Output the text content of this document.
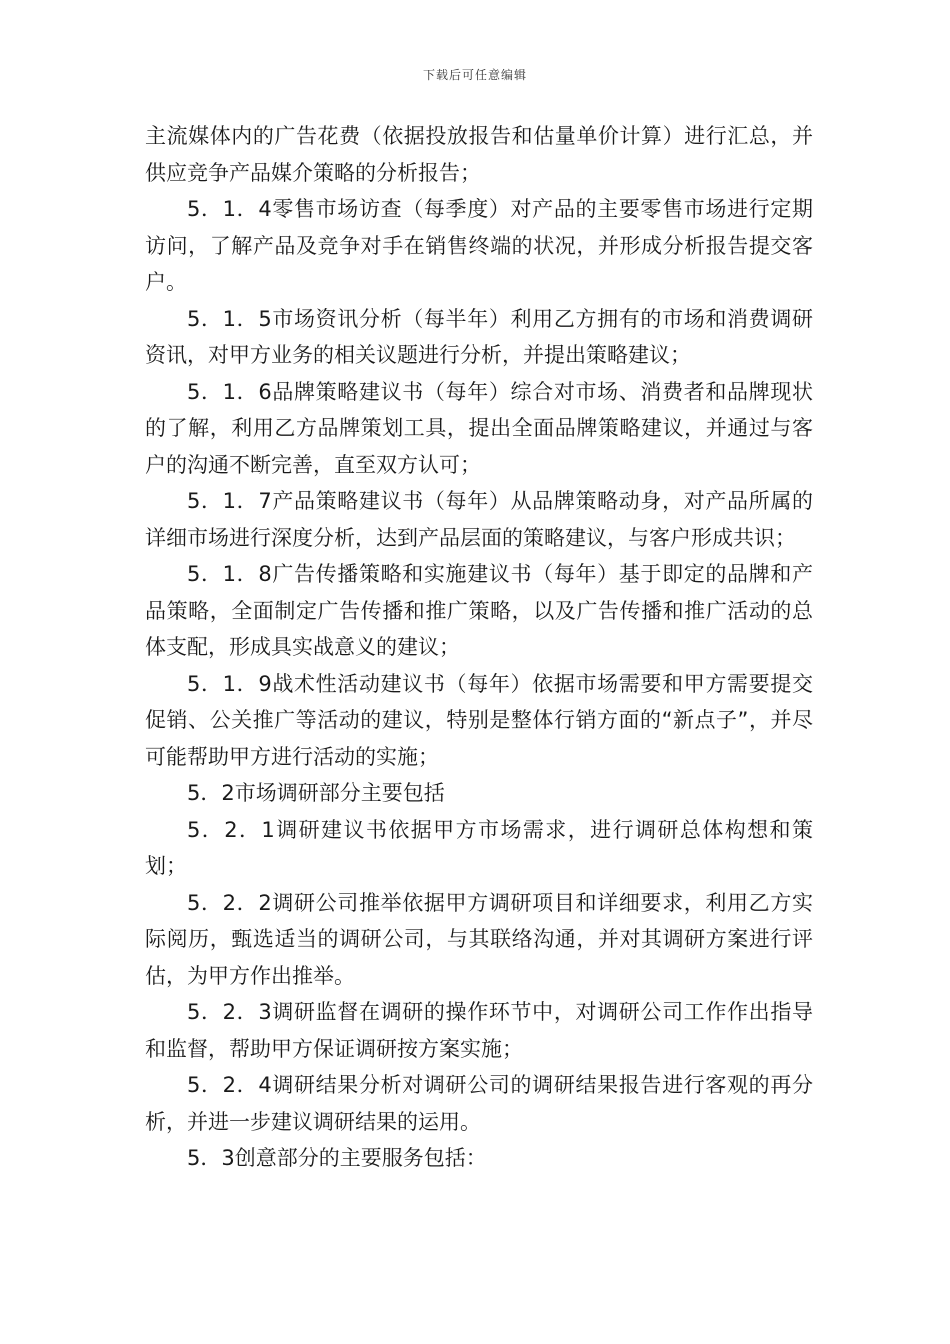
下载后可任意编辑

主流媒体内的广告花费（依据投放报告和估量单价计算）进行汇总，并供应竞争产品媒介策略的分析报告；

5．1．4零售市场访查（每季度）对产品的主要零售市场进行定期访问，了解产品及竞争对手在销售终端的状况，并形成分析报告提交客户。

5．1．5市场资讯分析（每半年）利用乙方拥有的市场和消费调研资讯，对甲方业务的相关议题进行分析，并提出策略建议；

5．1．6品牌策略建议书（每年）综合对市场、消费者和品牌现状的了解，利用乙方品牌策划工具，提出全面品牌策略建议，并通过与客户的沟通不断完善，直至双方认可；

5．1．7产品策略建议书（每年）从品牌策略动身，对产品所属的详细市场进行深度分析，达到产品层面的策略建议，与客户形成共识；

5．1．8广告传播策略和实施建议书（每年）基于即定的品牌和产品策略，全面制定广告传播和推广策略，以及广告传播和推广活动的总体支配，形成具实战意义的建议；

5．1．9战术性活动建议书（每年）依据市场需要和甲方需要提交促销、公关推广等活动的建议，特别是整体行销方面的“新点子”，并尽可能帮助甲方进行活动的实施；

5．2市场调研部分主要包括

5．2．1调研建议书依据甲方市场需求，进行调研总体构想和策划；

5．2．2调研公司推举依据甲方调研项目和详细要求，利用乙方实际阅历，甄选适当的调研公司，与其联络沟通，并对其调研方案进行评估，为甲方作出推举。

5．2．3调研监督在调研的操作环节中，对调研公司工作作出指导和监督，帮助甲方保证调研按方案实施；

5．2．4调研结果分析对调研公司的调研结果报告进行客观的再分析，并进一步建议调研结果的运用。

5．3创意部分的主要服务包括：
